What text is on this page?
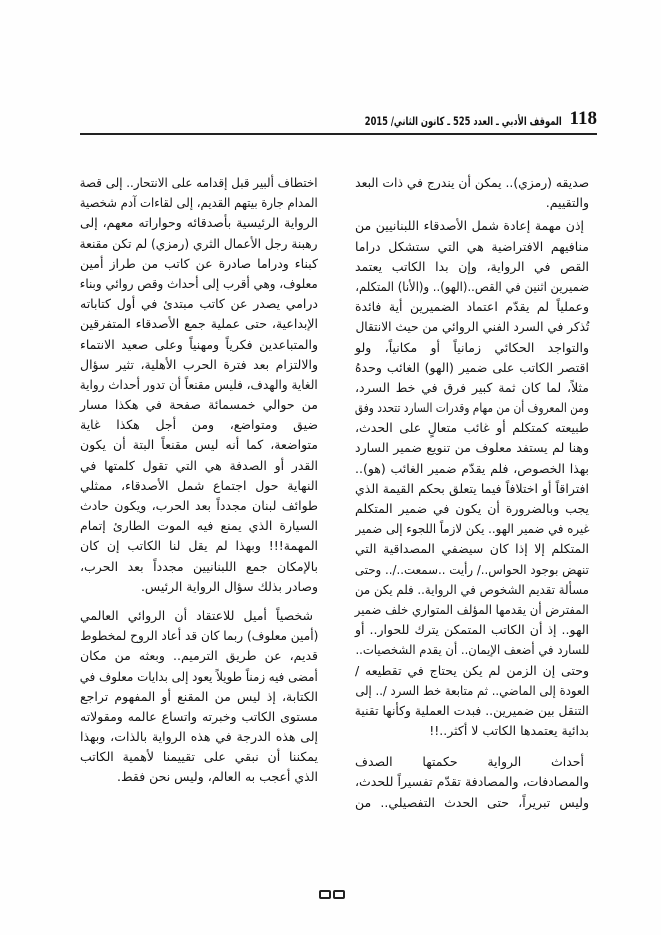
118
الموقف الأدبي ـ العدد 525 ـ كانون الثاني/ 2015
صديقه (رمزي).. يمكن أن يندرج في ذات البعد
والتقييم.
إذن مهمة إعادة شمل الأصدقاء اللبنانيين من
منافيهم الافتراضية هي التي ستشكل دراما
القص في الرواية، وإن بدا الكاتب يعتمد
ضميرين اثنين في القص..(الهو).. و(الأنا) المتكلم،
وعملياً لم يقدّم اعتماد الضميرين أية فائدة
تُذكر في السرد الفني الروائي من حيث الانتقال
والتواجد الحكائي زمانياً أو مكانياً، ولو
اقتصر الكاتب على ضمير (الهو) الغائب وحدهُ
مثلاً، لما كان ثمة كبير فرق في خط السرد،
ومن المعروف أن من مهام وقدرات السارد تتحدد وفق
طبيعته كمتكلم أو غائب متعالٍ على الحدث،
وهنا لم يستفد معلوف من تنويع ضمير السارد
بهذا الخصوص، فلم يقدّم ضمير الغائب (هو)..
افتراقاً أو اختلافاً فيما يتعلق بحكم القيمة الذي
يجب وبالضرورة أن يكون في ضمير المتكلم
غيره في ضمير الهو.. يكن لازماً اللجوء إلى ضمير
المتكلم إلا إذا كان سيضفي المصداقية التي
تنهض بوجود الحواس../ رأيت ..سمعت../.. وحتى
مسألة تقديم الشخوص في الرواية.. فلم يكن من
المفترض أن يقدمها المؤلف المتواري خلف ضمير
الهو.. إذ أن الكاتب المتمكن يترك للحوار.. أو
للسارد في أضعف الإيمان.. أن يقدم الشخصيات..
وحتى إن الزمن لم يكن يحتاج في تقطيعه /
العودة إلى الماضي.. ثم متابعة خط السرد /.. إلى
التنقل بين ضميرين.. فبدت العملية وكأنها تقنية
بدائية يعتمدها الكاتب لا أكثر..!!
أحداث الرواية حكمتها الصدف
والمصادفات، والمصادفة تقدّم تفسيراً للحدث،
وليس تبريراً، حتى الحدث التفصيلي.. من
اختطاف ألبير قبل إقدامه على الانتحار.. إلى قصة
المدام جارة بيتهم القديم، إلى لقاءات آدم شخصية
الرواية الرئيسية بأصدقائه وحواراته معهم، إلى
رهبنة رجل الأعمال الثري (رمزي) لم تكن مقنعة
كبناء ودراما صادرة عن كاتب من طراز أمين
معلوف، وهي أقرب إلى أحداث وقص روائي وبناء
درامي يصدر عن كاتب مبتدئ في أول كتاباته
الإبداعية، حتى عملية جمع الأصدقاء المتفرقين
والمتباعدين فكرياً ومهنياً وعلى صعيد الانتماء
والالتزام بعد فترة الحرب الأهلية، تثير سؤال
الغاية والهدف، فليس مقنعاً أن تدور أحداث رواية
من حوالي خمسمائة صفحة في هكذا مسار
ضيق ومتواضع، ومن أجل هكذا غاية
متواضعة، كما أنه ليس مقنعاً البتة أن يكون
القدر أو الصدفة هي التي تقول كلمتها في
النهاية حول اجتماع شمل الأصدقاء، ممثلي
طوائف لبنان مجدداً بعد الحرب، ويكون حادث
السيارة الذي يمنع فيه الموت الطارئ إتمام
المهمة!!! وبهذا لم يقل لنا الكاتب إن كان
بالإمكان جمع اللبنانيين مجدداً بعد الحرب،
وصادر بذلك سؤال الرواية الرئيس.
شخصياً أميل للاعتقاد أن الروائي العالمي
(أمين معلوف) ربما كان قد أعاد الروح لمخطوط
قديم، عن طريق الترميم.. وبعثه من مكان
أمضى فيه زمناً طويلاً يعود إلى بدايات معلوف في
الكتابة، إذ ليس من المقنع أو المفهوم تراجع
مستوى الكاتب وخبرته واتساع عالمه ومقولاته
إلى هذه الدرجة في هذه الرواية بالذات، وبهذا
يمكننا أن نبقي على تقييمنا لأهمية الكاتب
الذي أعجب به العالم، وليس نحن فقط.
